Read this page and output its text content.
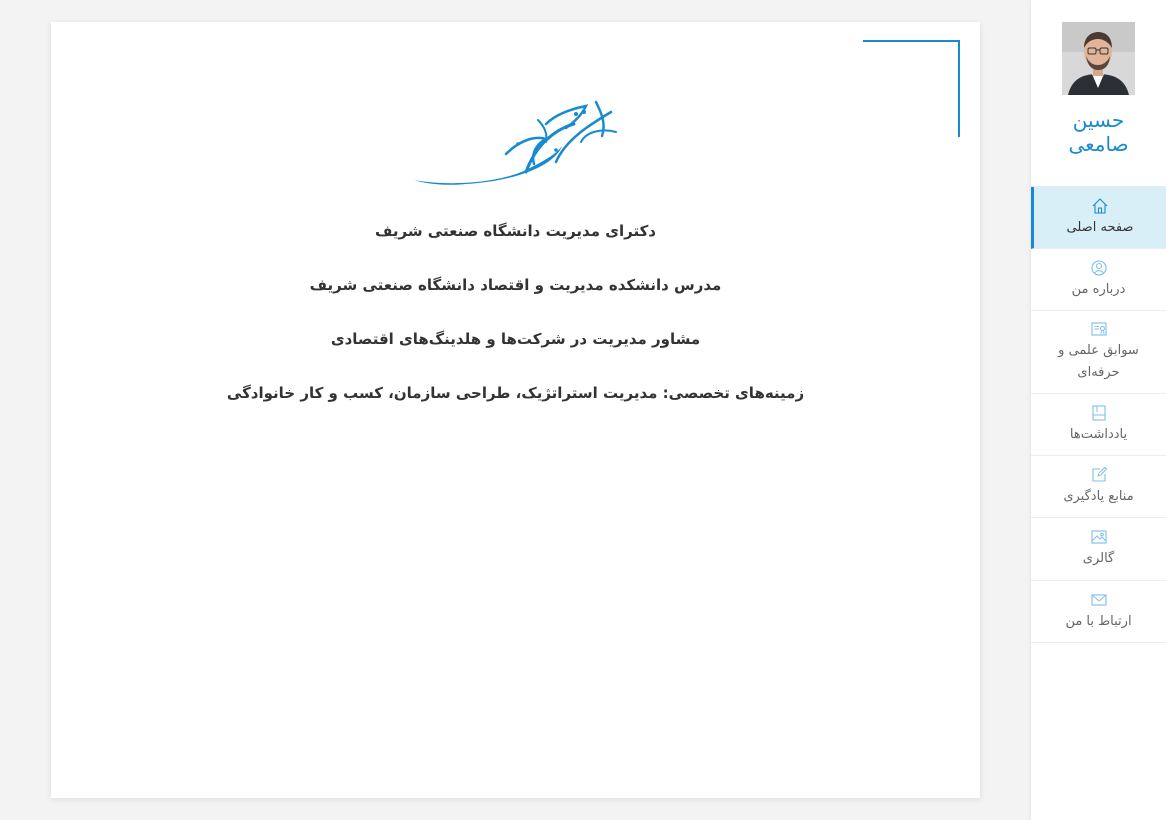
دکترای مدیریت دانشگاه صنعتی شریف
مدرس دانشکده مدیریت و اقتصاد دانشگاه صنعتی شریف
مشاور مدیریت در شرکت‌ها و هلدینگ‌های اقتصادی
زمینه‌های تخصصی: مدیریت استراتژیک، طراحی سازمان، کسب و کار خانوادگی
حسین
صامعی
صفحه اصلی
درباره من
سوابق علمی و حرفه‌ای
یادداشت‌ها
منابع یادگیری
گالری
ارتباط با من
